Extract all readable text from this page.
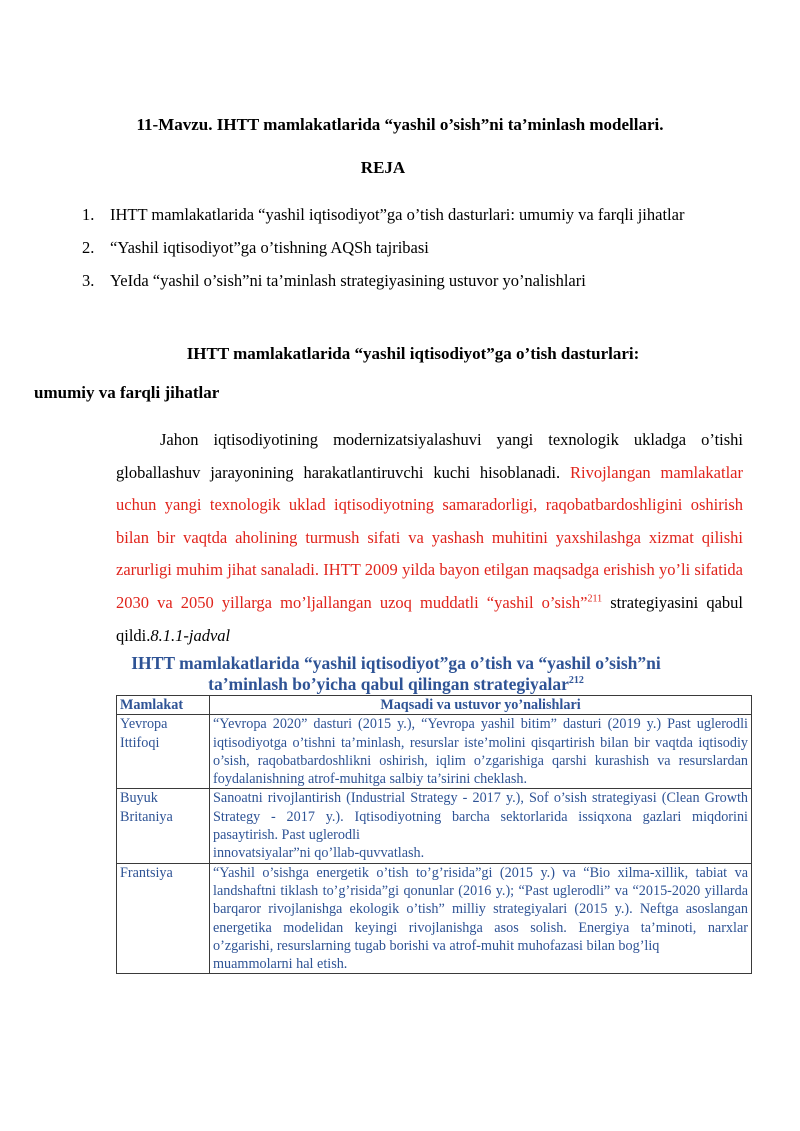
11-Mavzu. IHTT mamlakatlarida “yashil o’sish”ni ta’minlash modellari.
REJA
1. IHTT mamlakatlarida “yashil iqtisodiyot”ga o’tish dasturlari: umumiy va farqli jihatlar
2. “Yashil iqtisodiyot”ga o’tishning AQSh tajribasi
3. YeIda “yashil o’sish”ni ta’minlash strategiyasining ustuvor yo’nalishlari
IHTT mamlakatlarida “yashil iqtisodiyot”ga o’tish dasturlari:
umumiy va farqli jihatlar
Jahon iqtisodiyotining modernizatsiyalashuvi yangi texnologik ukladga o’tishi globallashuv jarayonining harakatlantiruvchi kuchi hisoblanadi. Rivojlangan mamlakatlar uchun yangi texnologik uklad iqtisodiyotning samaradorligi, raqobatbardoshligini oshirish bilan bir vaqtda aholining turmush sifati va yashash muhitini yaxshilashga xizmat qilishi zarurligi muhim jihat sanaladi. IHTT 2009 yilda bayon etilgan maqsadga erishish yo’li sifatida 2030 va 2050 yillarga mo’ljallangan uzoq muddatli “yashil o’sish”$^{211}$ strategiyasini qabul qildi.8.1.1-jadval
IHTT mamlakatlarida “yashil iqtisodiyot”ga o’tish va “yashil o’sish”ni
ta’minlash bo’yicha qabul qilingan strategiyalar$^{212}$
Mamlakat	Maqsadi va ustuvor yo’nalishlari
Yevropa Ittifoqi	“Yevropa 2020” dasturi (2015 y.), “Yevropa yashil bitim” dasturi (2019 y.) Past uglerodli iqtisodiyotga o’tishni ta’minlash, resurslar iste’molini qisqartirish bilan bir vaqtda iqtisodiy o’sish, raqobatbardoshlikni oshirish, iqlim o’zgarishiga qarshi kurashish va resurslardan
foydalanishning atrof-muhitga salbiy ta’sirini cheklash.

Buyuk Britaniya	Sanoatni rivojlantirish (Industrial Strategy - 2017 y.), Sof o’sish strategiyasi (Clean Growth Strategy - 2017 y.). Iqtisodiyotning barcha sektorlarida issiqxona gazlari miqdorini pasaytirish. Past uglerodli
innovatsiyalar”ni qo’llab-quvvatlash.

Frantsiya	“Yashil o’sishga energetik o’tish to’g’risida”gi (2015 y.) va “Bio xilma-xillik, tabiat va landshaftni tiklash to’g’risida”gi qonunlar (2016 y.); “Past uglerodli” va “2015-2020 yillarda barqaror rivojlanishga ekologik o’tish” milliy strategiyalari (2015 y.). Neftga asoslangan energetika modelidan keyingi rivojlanishga asos solish. Energiya ta’minoti, narxlar o’zgarishi, resurslarning tugab borishi va atrof-muhit muhofazasi bilan bog’liq
muammolarni hal etish.
